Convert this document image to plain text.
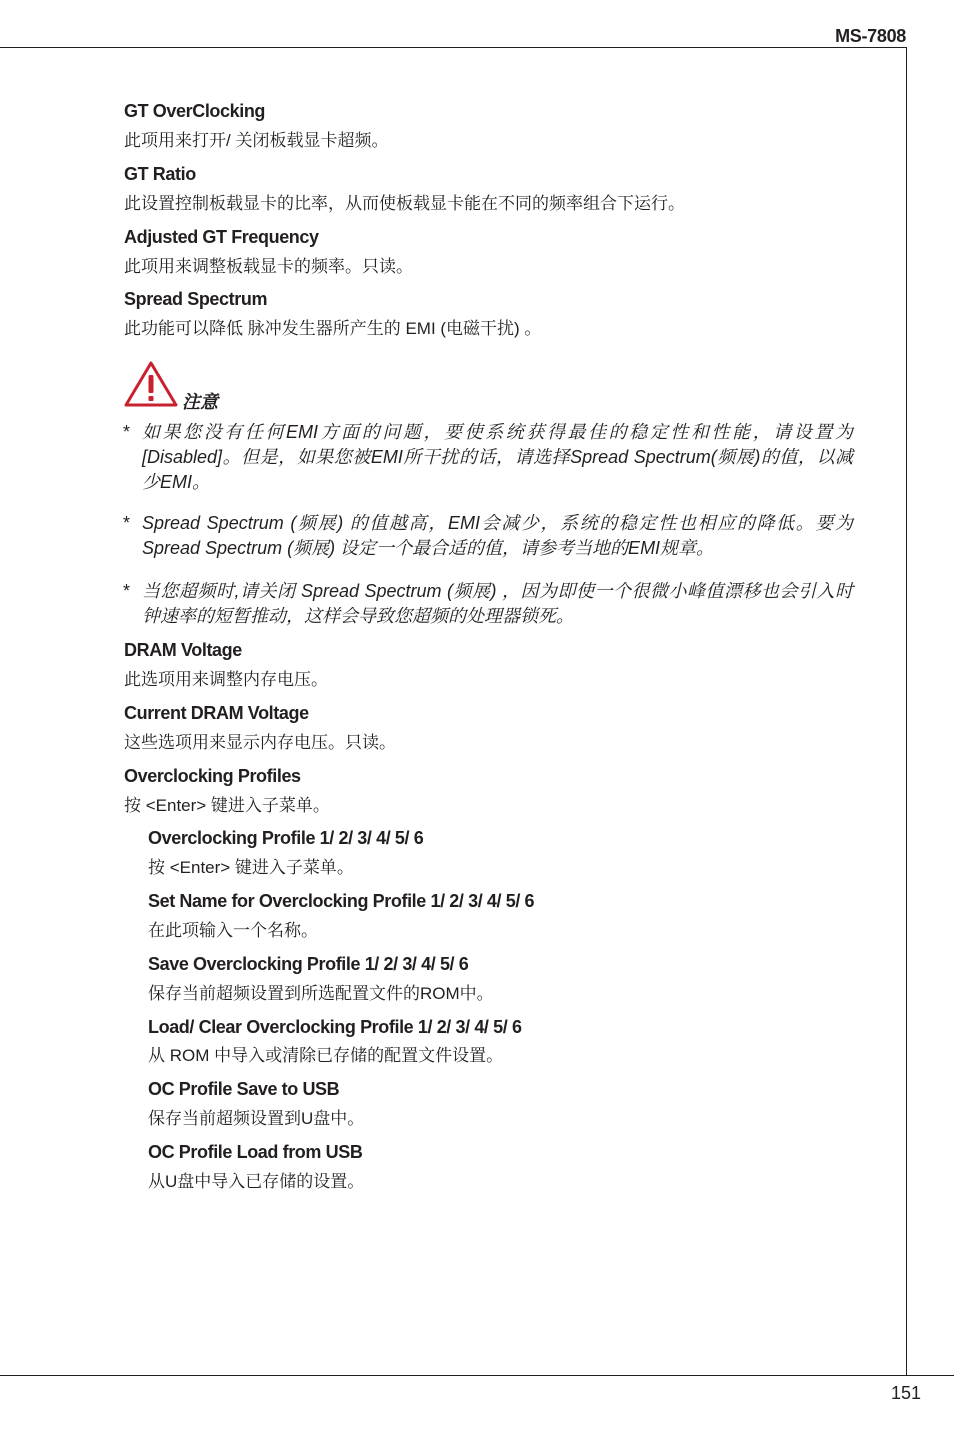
MS-7808
GT OverClocking
此项用来打开/ 关闭板载显卡超频。
GT Ratio
此设置控制板载显卡的比率，从而使板载显卡能在不同的频率组合下运行。
Adjusted GT Frequency
此项用来调整板载显卡的频率。只读。
Spread Spectrum
此功能可以降低 脉冲发生器所产生的 EMI (电磁干扰) 。
注意
* 如果您没有任何EMI方面的问题，要使系统获得最佳的稳定性和性能，请设置为[Disabled]。但是，如果您被EMI所干扰的话，请选择Spread Spectrum(频展)的值，以减少EMI。
* Spread Spectrum (频展) 的值越高，EMI会减少，系统的稳定性也相应的降低。要为Spread Spectrum (频展) 设定一个最合适的值，请参考当地的EMI规章。
* 当您超频时,请关闭 Spread Spectrum (频展) ，因为即使一个很微小峰值漂移也会引入时钟速率的短暂推动，这样会导致您超频的处理器锁死。
DRAM Voltage
此选项用来调整内存电压。
Current DRAM Voltage
这些选项用来显示内存电压。只读。
Overclocking Profiles
按 <Enter> 键进入子菜单。
Overclocking Profile 1/ 2/ 3/ 4/ 5/ 6
按 <Enter> 键进入子菜单。
Set Name for Overclocking Profile 1/ 2/ 3/ 4/ 5/ 6
在此项输入一个名称。
Save Overclocking Profile 1/ 2/ 3/ 4/ 5/ 6
保存当前超频设置到所选配置文件的ROM中。
Load/ Clear Overclocking Profile 1/ 2/ 3/ 4/ 5/ 6
从 ROM 中导入或清除已存储的配置文件设置。
OC Profile Save to USB
保存当前超频设置到U盘中。
OC Profile Load from USB
从U盘中导入已存储的设置。
151
